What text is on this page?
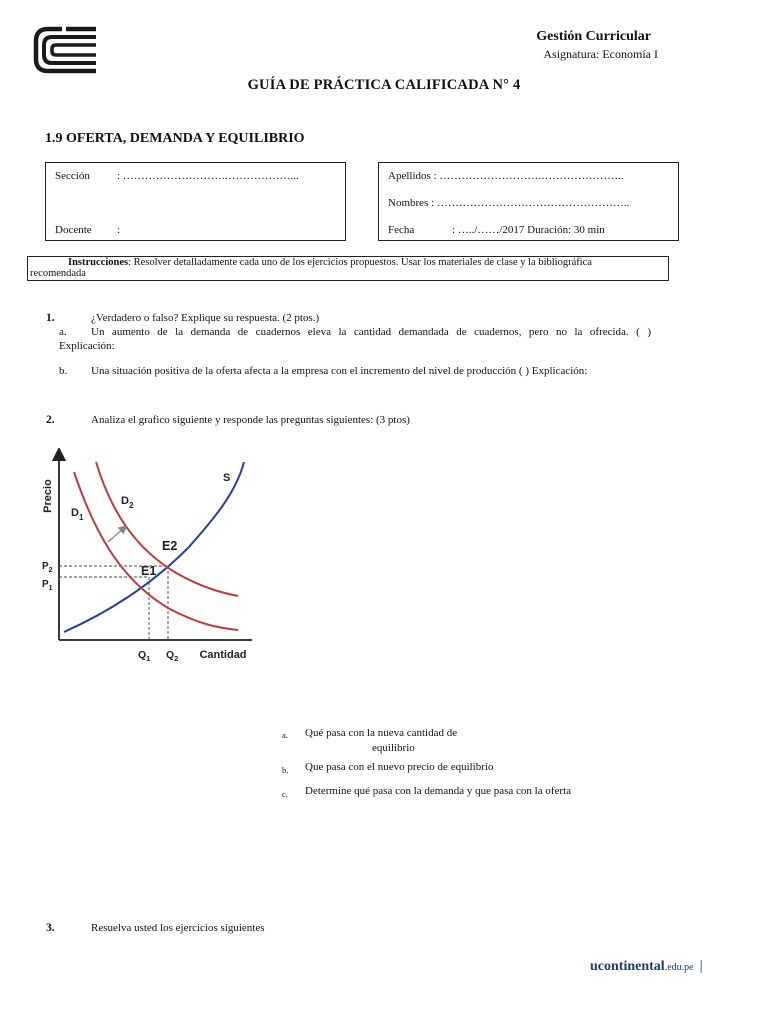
Gestión Curricular
Asignatura: Economía I
GUÍA DE PRÁCTICA CALIFICADA N° 4
1.9 OFERTA, DEMANDA Y EQUILIBRIO
Sección : ……………………….………………...
Docente :
Apellidos : ……………………….…………………..
Nombres : ……………………………………………..
Fecha	: …../……/2017 Duración: 30 min
Instrucciones: Resolver detalladamente cada uno de los ejercicios propuestos. Usar los materiales de clase y la bibliográfica
recomendada
1.	¿Verdadero o falso? Explique su respuesta. (2 ptos.)
a. Un aumento de la demanda de cuadernos eleva la cantidad demandada de cuadernos, pero no la ofrecida. ( )
Explicación:
b. Una situación positiva de la oferta afecta a la empresa con el incremento del nivel de producción ( ) Explicación:
2.	Analiza el grafico siguiente y responde las preguntas siguientes: (3 ptos)
Precio
Cantidad
S
$D_1$
$D_2$
E2
E1
$P_2$
$P_1$
$Q_1$ $Q_2$
a. Qué pasa con la nueva cantidad de
equilibrio
b. Que pasa con el nuevo precio de equilibrio
c. Determine qué pasa con la demanda y que pasa con la oferta
3.	Resuelva usted los ejercicios siguientes
ucontinental.edu.pe |
